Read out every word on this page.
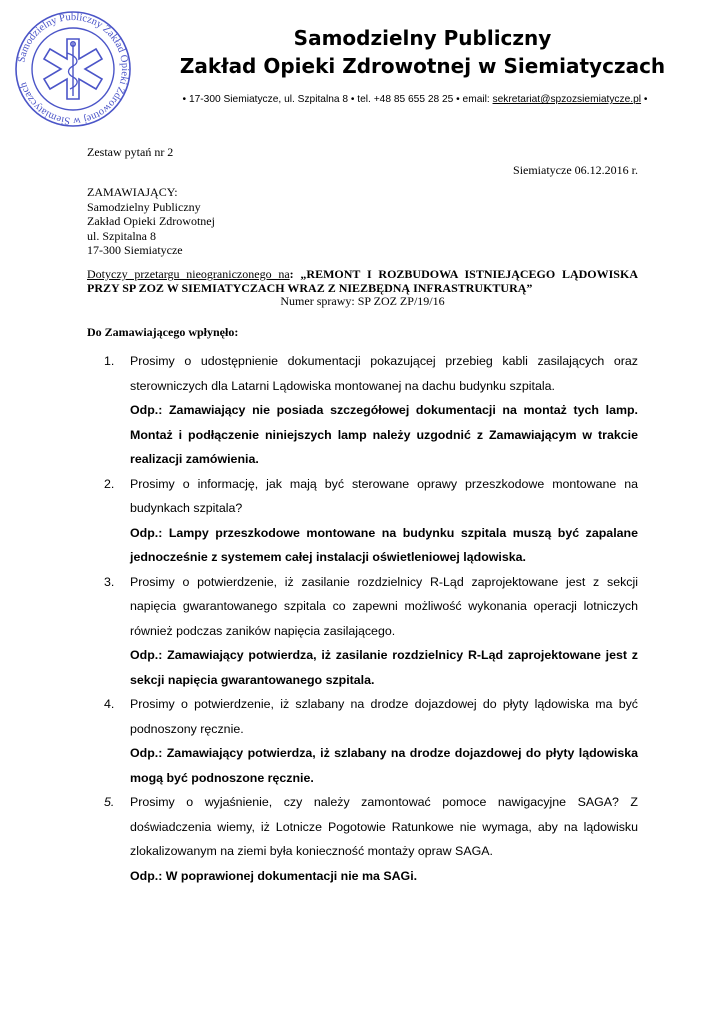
Samodzielny Publiczny Zakład Opieki Zdrowotnej w Siemiatyczach
Samodzielny Publiczny
Zakład Opieki Zdrowotnej w Siemiatyczach
• 17-300 Siemiatycze, ul. Szpitalna 8 • tel. +48 85 655 28 25 • email: sekretariat@spzozsiemiatycze.pl •
Zestaw pytań nr 2
Siemiatycze 06.12.2016 r.
ZAMAWIAJĄCY:
Samodzielny Publiczny
Zakład Opieki Zdrowotnej
ul. Szpitalna 8
17-300 Siemiatycze
Dotyczy przetargu nieograniczonego na: „REMONT I ROZBUDOWA ISTNIEJĄCEGO LĄDOWISKA
PRZY SP ZOZ W SIEMIATYCZACH WRAZ Z NIEZBĘDNĄ INFRASTRUKTURĄ”
Numer sprawy: SP ZOZ ZP/19/16
Do Zamawiającego wpłynęło:
1.	Prosimy o udostępnienie dokumentacji pokazującej przebieg kabli zasilających oraz sterowniczych dla Latarni Lądowiska montowanej na dachu budynku szpitala.
Odp.: Zamawiający nie posiada szczegółowej dokumentacji na montaż tych lamp. Montaż i podłączenie niniejszych lamp należy uzgodnić z Zamawiającym w trakcie realizacji zamówienia.
2.	Prosimy o informację, jak mają być sterowane oprawy przeszkodowe montowane na budynkach szpitala?
Odp.: Lampy przeszkodowe montowane na budynku szpitala muszą być zapalane jednocześnie z systemem całej instalacji oświetleniowej lądowiska.
3.	Prosimy o potwierdzenie, iż zasilanie rozdzielnicy R-Ląd zaprojektowane jest z sekcji napięcia gwarantowanego szpitala co zapewni możliwość wykonania operacji lotniczych również podczas zaników napięcia zasilającego.
Odp.: Zamawiający potwierdza, iż zasilanie rozdzielnicy R-Ląd zaprojektowane jest z sekcji napięcia gwarantowanego szpitala.
4.	Prosimy o potwierdzenie, iż szlabany na drodze dojazdowej do płyty lądowiska ma być podnoszony ręcznie.
Odp.: Zamawiający potwierdza, iż szlabany na drodze dojazdowej do płyty lądowiska mogą być podnoszone ręcznie.
5.	Prosimy o wyjaśnienie, czy należy zamontować pomoce nawigacyjne SAGA? Z doświadczenia wiemy, iż Lotnicze Pogotowie Ratunkowe nie wymaga, aby na lądowisku zlokalizowanym na ziemi była konieczność montaży opraw SAGA.
Odp.: W poprawionej dokumentacji nie ma SAGi.
